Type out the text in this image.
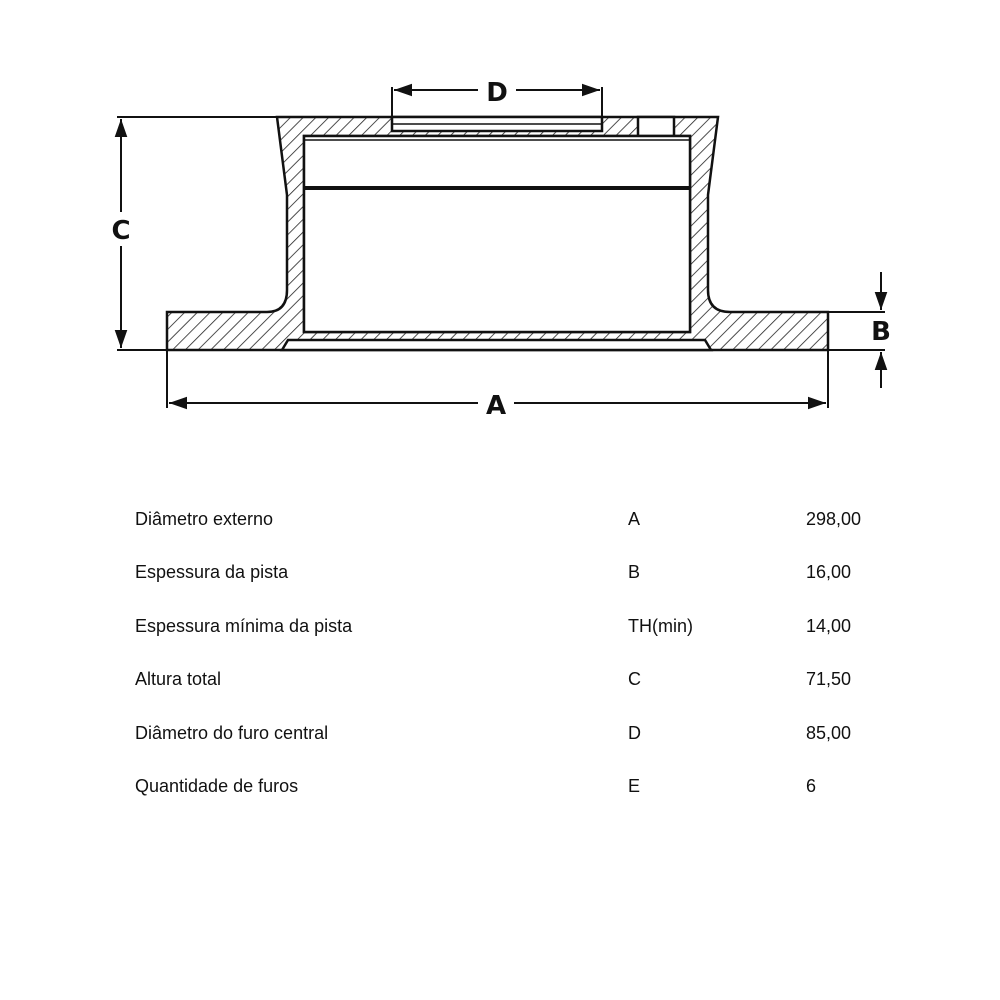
D
C
A
B
Diâmetro externo	A	298,00
Espessura da pista	B	16,00
Espessura mínima da pista	TH(min)	14,00
Altura total	C	71,50
Diâmetro do furo central	D	85,00
Quantidade de furos	E	6
